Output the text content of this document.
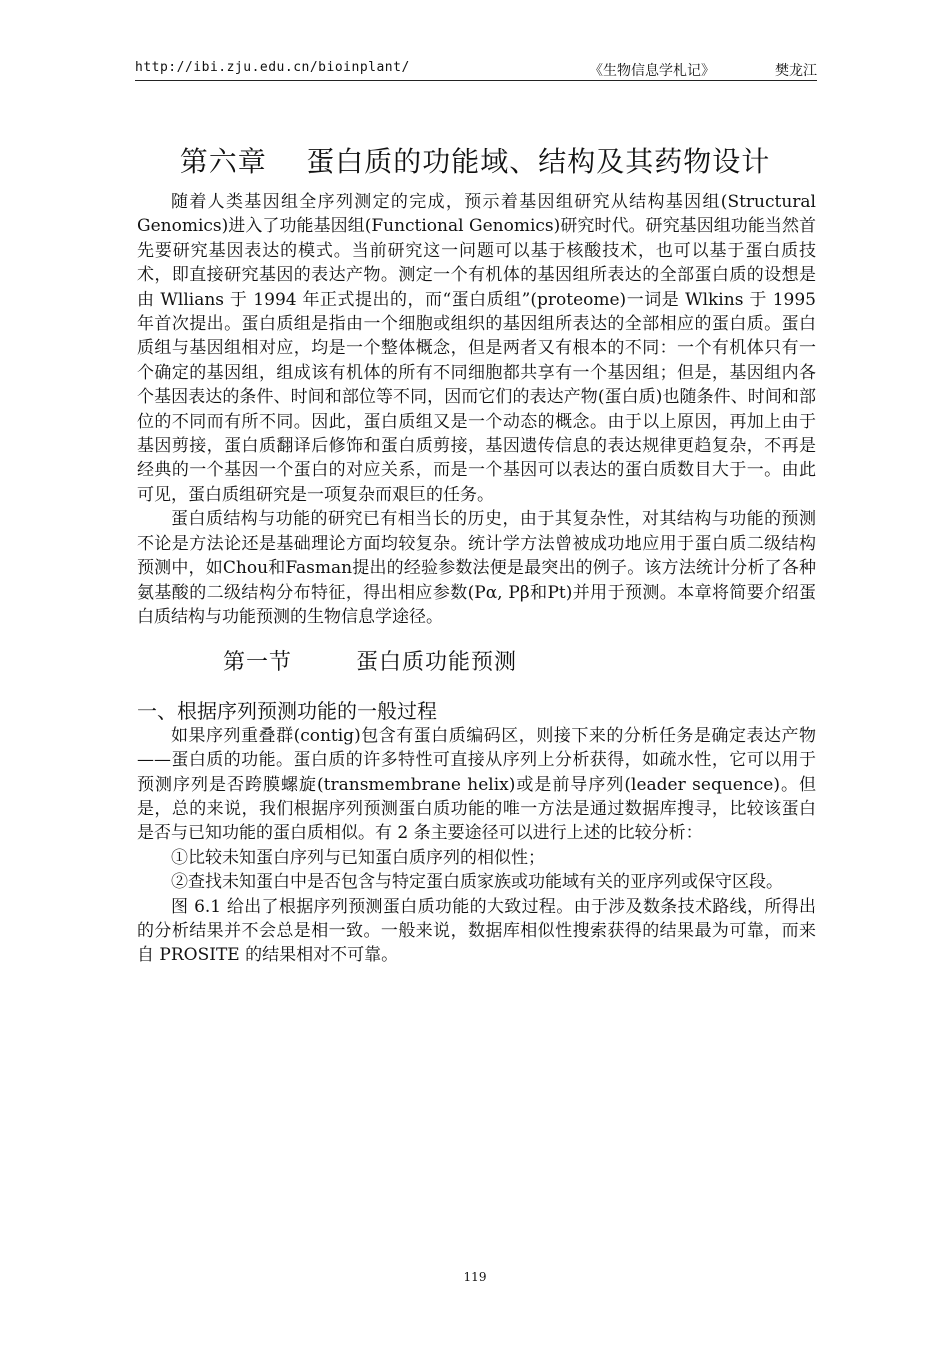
http://ibi.zju.edu.cn/bioinplant/	《生物信息学札记》	樊龙江
第六章    蛋白质的功能域、结构及其药物设计

随着人类基因组全序列测定的完成，预示着基因组研究从结构基因组(Structural Genomics)进入了功能基因组(Functional Genomics)研究时代。研究基因组功能当然首先要研究基因表达的模式。当前研究这一问题可以基于核酸技术，也可以基于蛋白质技术，即直接研究基因的表达产物。测定一个有机体的基因组所表达的全部蛋白质的设想是由 Wllians 于 1994 年正式提出的，而“蛋白质组”(proteome)一词是 Wlkins 于 1995 年首次提出。蛋白质组是指由一个细胞或组织的基因组所表达的全部相应的蛋白质。蛋白质组与基因组相对应，均是一个整体概念，但是两者又有根本的不同：一个有机体只有一个确定的基因组，组成该有机体的所有不同细胞都共享有一个基因组；但是，基因组内各个基因表达的条件、时间和部位等不同，因而它们的表达产物(蛋白质)也随条件、时间和部位的不同而有所不同。因此，蛋白质组又是一个动态的概念。由于以上原因，再加上由于基因剪接，蛋白质翻译后修饰和蛋白质剪接，基因遗传信息的表达规律更趋复杂，不再是经典的一个基因一个蛋白的对应关系，而是一个基因可以表达的蛋白质数目大于一。由此可见，蛋白质组研究是一项复杂而艰巨的任务。

蛋白质结构与功能的研究已有相当长的历史，由于其复杂性，对其结构与功能的预测不论是方法论还是基础理论方面均较复杂。统计学方法曾被成功地应用于蛋白质二级结构预测中，如Chou和Fasman提出的经验参数法便是最突出的例子。该方法统计分析了各种氨基酸的二级结构分布特征，得出相应参数(Pα, Pβ和Pt)并用于预测。本章将简要介绍蛋白质结构与功能预测的生物信息学途径。

第一节	蛋白质功能预测
一、根据序列预测功能的一般过程

如果序列重叠群(contig)包含有蛋白质编码区，则接下来的分析任务是确定表达产物——蛋白质的功能。蛋白质的许多特性可直接从序列上分析获得，如疏水性，它可以用于预测序列是否跨膜螺旋(transmembrane helix)或是前导序列(leader sequence)。但是，总的来说，我们根据序列预测蛋白质功能的唯一方法是通过数据库搜寻，比较该蛋白是否与已知功能的蛋白质相似。有 2 条主要途径可以进行上述的比较分析：

①比较未知蛋白序列与已知蛋白质序列的相似性；

②查找未知蛋白中是否包含与特定蛋白质家族或功能域有关的亚序列或保守区段。

图 6.1 给出了根据序列预测蛋白质功能的大致过程。由于涉及数条技术路线，所得出的分析结果并不会总是相一致。一般来说，数据库相似性搜索获得的结果最为可靠，而来自 PROSITE 的结果相对不可靠。

119
